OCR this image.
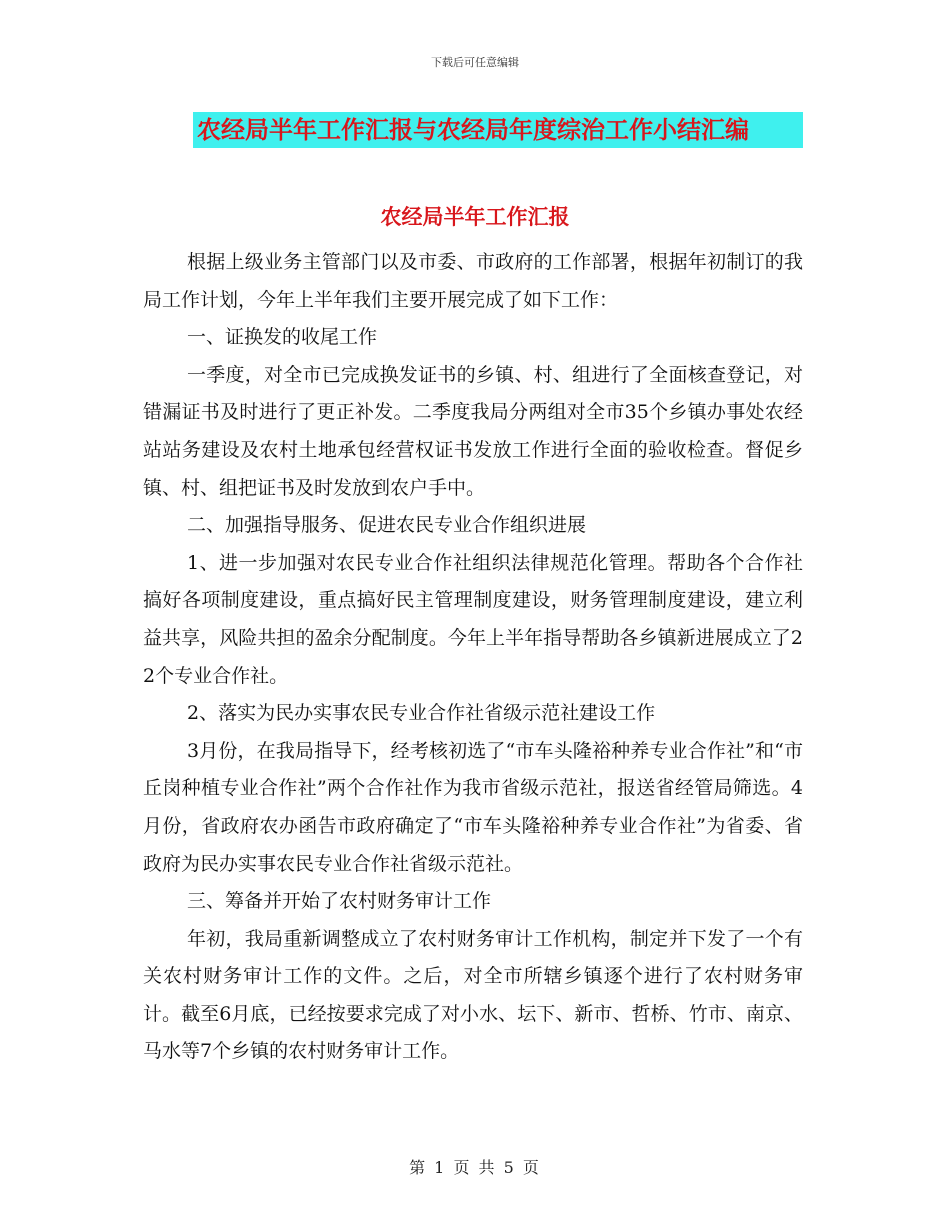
下载后可任意编辑
农经局半年工作汇报与农经局年度综治工作小结汇编
农经局半年工作汇报

根据上级业务主管部门以及市委、市政府的工作部署，根据年初制订的我局工作计划，今年上半年我们主要开展完成了如下工作：

一、证换发的收尾工作

一季度，对全市已完成换发证书的乡镇、村、组进行了全面核查登记，对错漏证书及时进行了更正补发。二季度我局分两组对全市35个乡镇办事处农经站站务建设及农村土地承包经营权证书发放工作进行全面的验收检查。督促乡镇、村、组把证书及时发放到农户手中。

二、加强指导服务、促进农民专业合作组织进展

1、进一步加强对农民专业合作社组织法律规范化管理。帮助各个合作社搞好各项制度建设，重点搞好民主管理制度建设，财务管理制度建设，建立利益共享，风险共担的盈余分配制度。今年上半年指导帮助各乡镇新进展成立了22个专业合作社。

2、落实为民办实事农民专业合作社省级示范社建设工作

3月份，在我局指导下，经考核初选了“市车头隆裕种养专业合作社”和“市丘岗种植专业合作社”两个合作社作为我市省级示范社，报送省经管局筛选。4月份，省政府农办函告市政府确定了“市车头隆裕种养专业合作社”为省委、省政府为民办实事农民专业合作社省级示范社。

三、筹备并开始了农村财务审计工作

年初，我局重新调整成立了农村财务审计工作机构，制定并下发了一个有关农村财务审计工作的文件。之后，对全市所辖乡镇逐个进行了农村财务审计。截至6月底，已经按要求完成了对小水、坛下、新市、哲桥、竹市、南京、马水等7个乡镇的农村财务审计工作。

第 1 页 共 5 页
